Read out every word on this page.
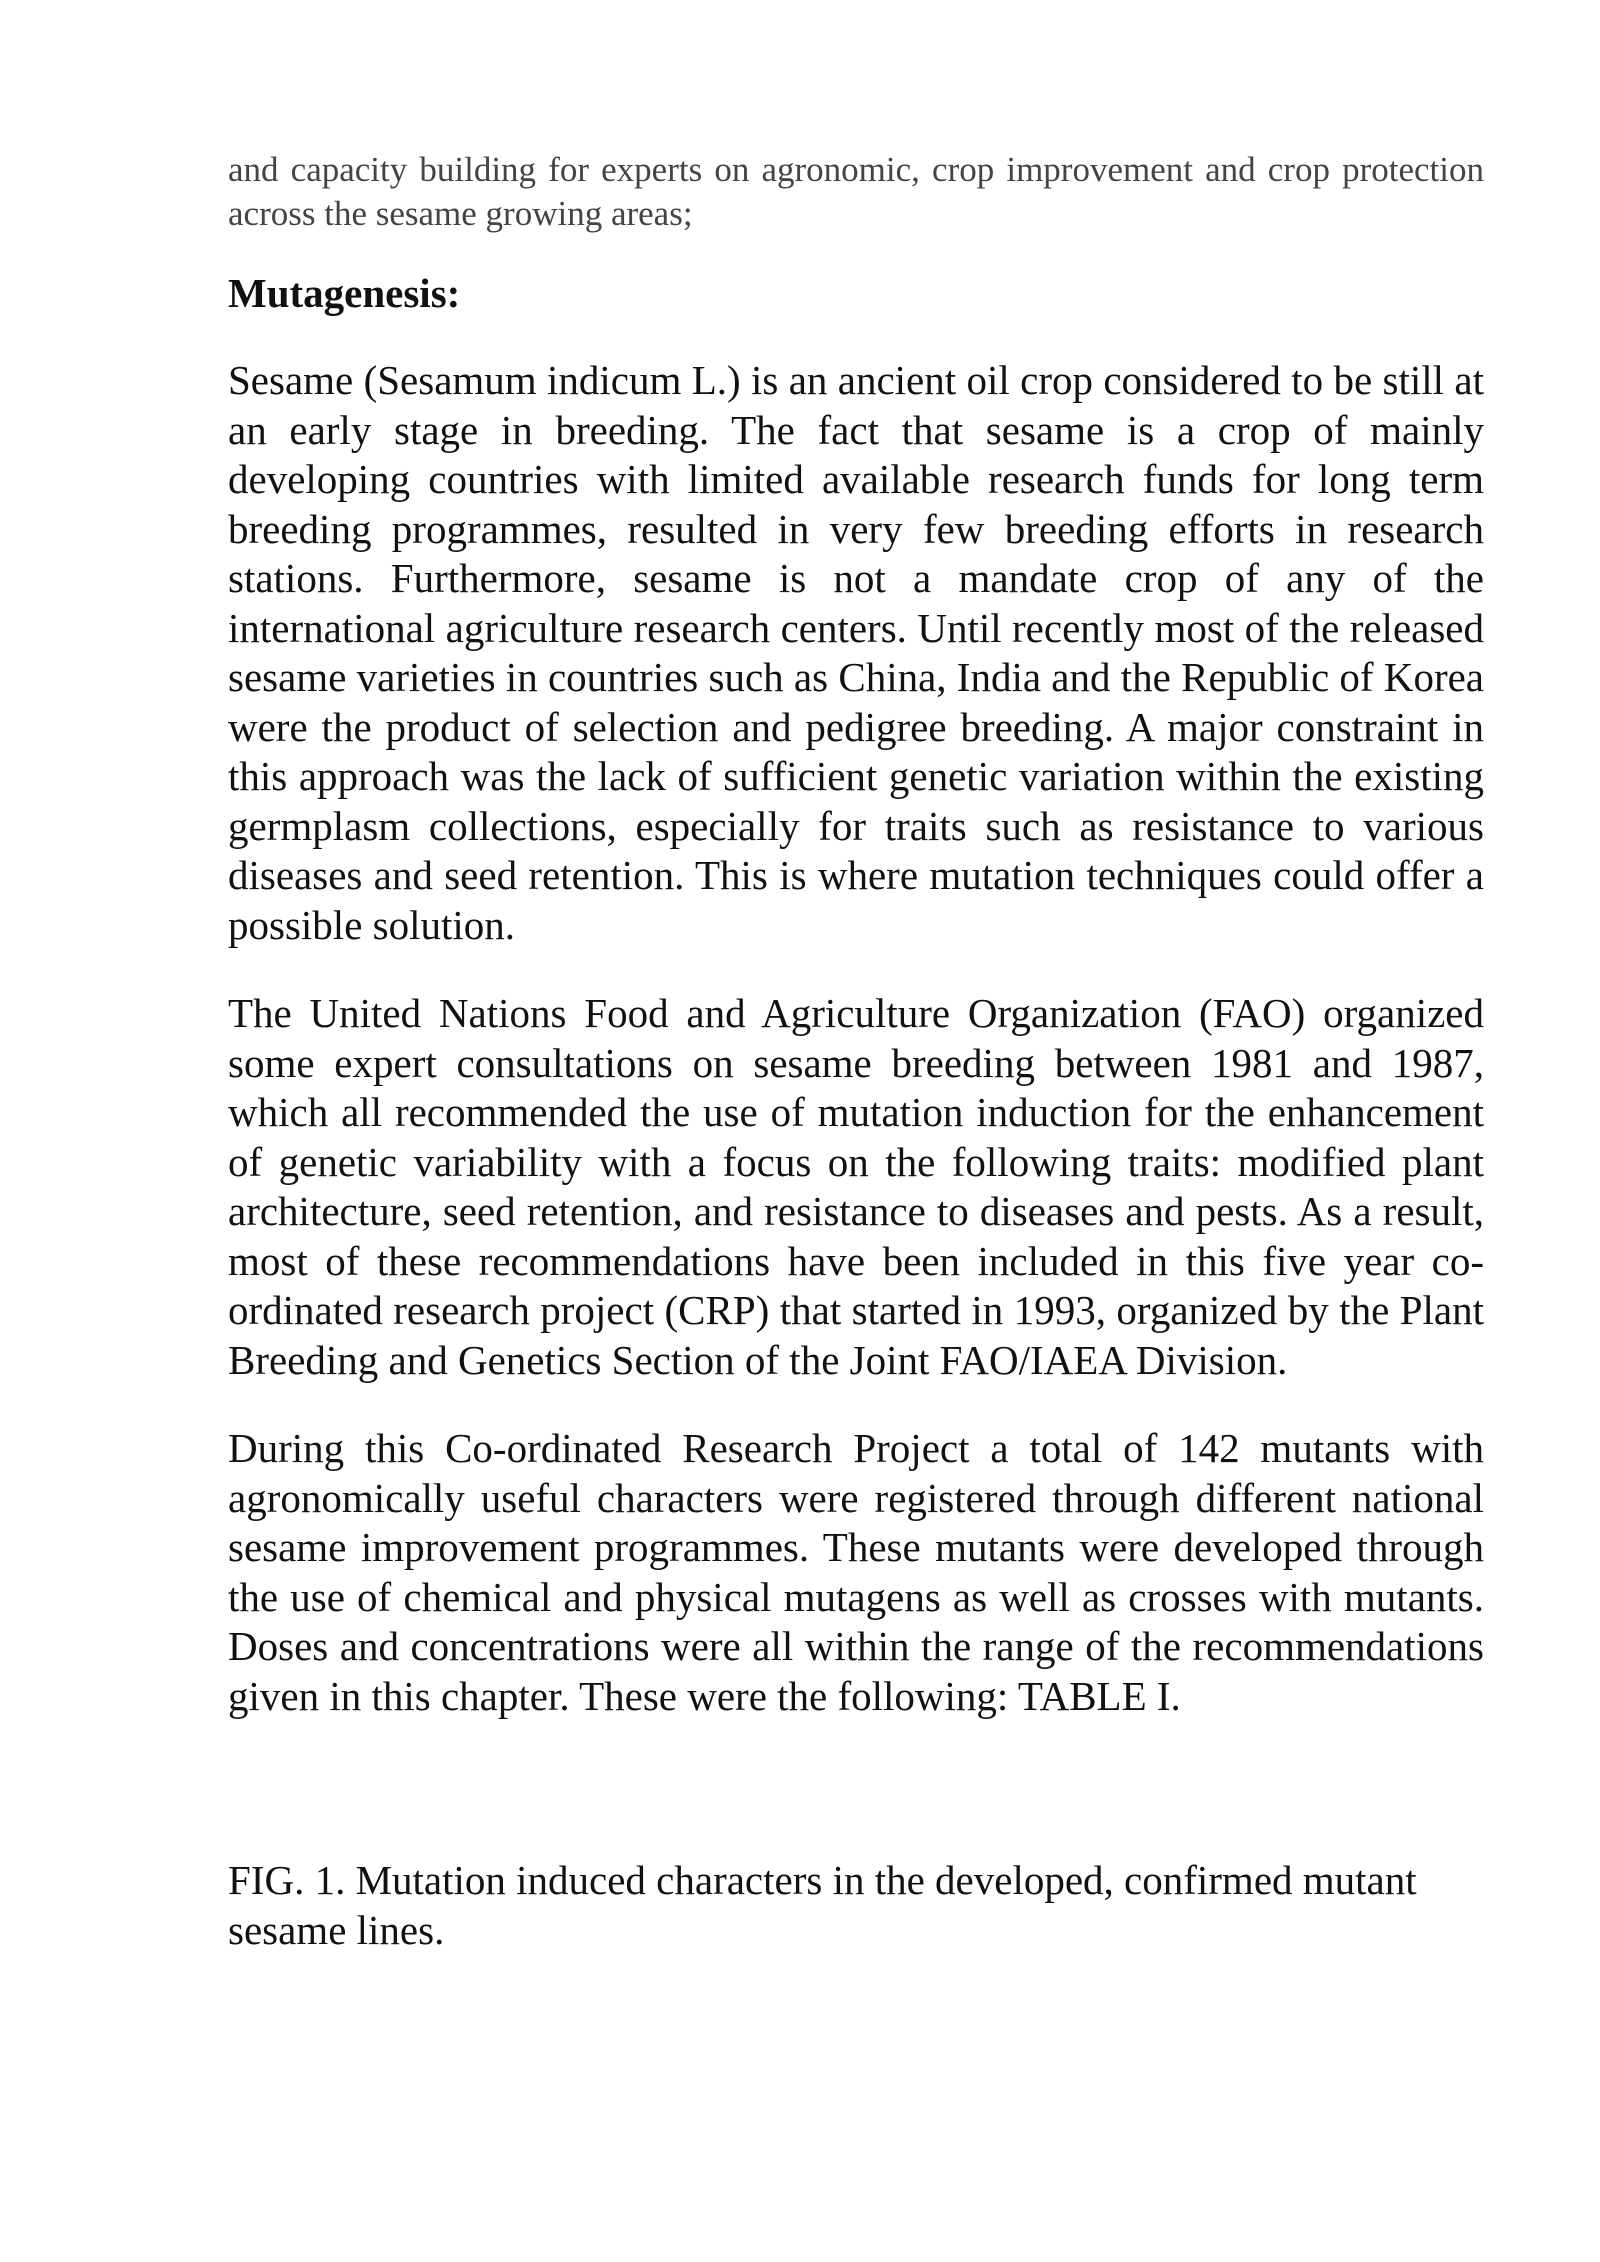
and capacity building for experts on agronomic, crop improvement and crop protection across the sesame growing areas;

Mutagenesis:

Sesame (Sesamum indicum L.) is an ancient oil crop considered to be still at an early stage in breeding. The fact that sesame is a crop of mainly developing countries with limited available research funds for long term breeding programmes, resulted in very few breeding efforts in research stations. Furthermore, sesame is not a mandate crop of any of the international agriculture research centers. Until recently most of the released sesame varieties in countries such as China, India and the Republic of Korea were the product of selection and pedigree breeding. A major constraint in this approach was the lack of sufficient genetic variation within the existing germplasm collections, especially for traits such as resistance to various diseases and seed retention. This is where mutation techniques could offer a possible solution.

The United Nations Food and Agriculture Organization (FAO) organized some expert consultations on sesame breeding between 1981 and 1987, which all recommended the use of mutation induction for the enhancement of genetic variability with a focus on the following traits: modified plant architecture, seed retention, and resistance to diseases and pests. As a result, most of these recommendations have been included in this five year co-ordinated research project (CRP) that started in 1993, organized by the Plant Breeding and Genetics Section of the Joint FAO/IAEA Division.

During this Co-ordinated Research Project a total of 142 mutants with agronomically useful characters were registered through different national sesame improvement programmes. These mutants were developed through the use of chemical and physical mutagens as well as crosses with mutants. Doses and concentrations were all within the range of the recommendations given in this chapter. These were the following: TABLE I.

FIG. 1. Mutation induced characters in the developed, confirmed mutant sesame lines.
